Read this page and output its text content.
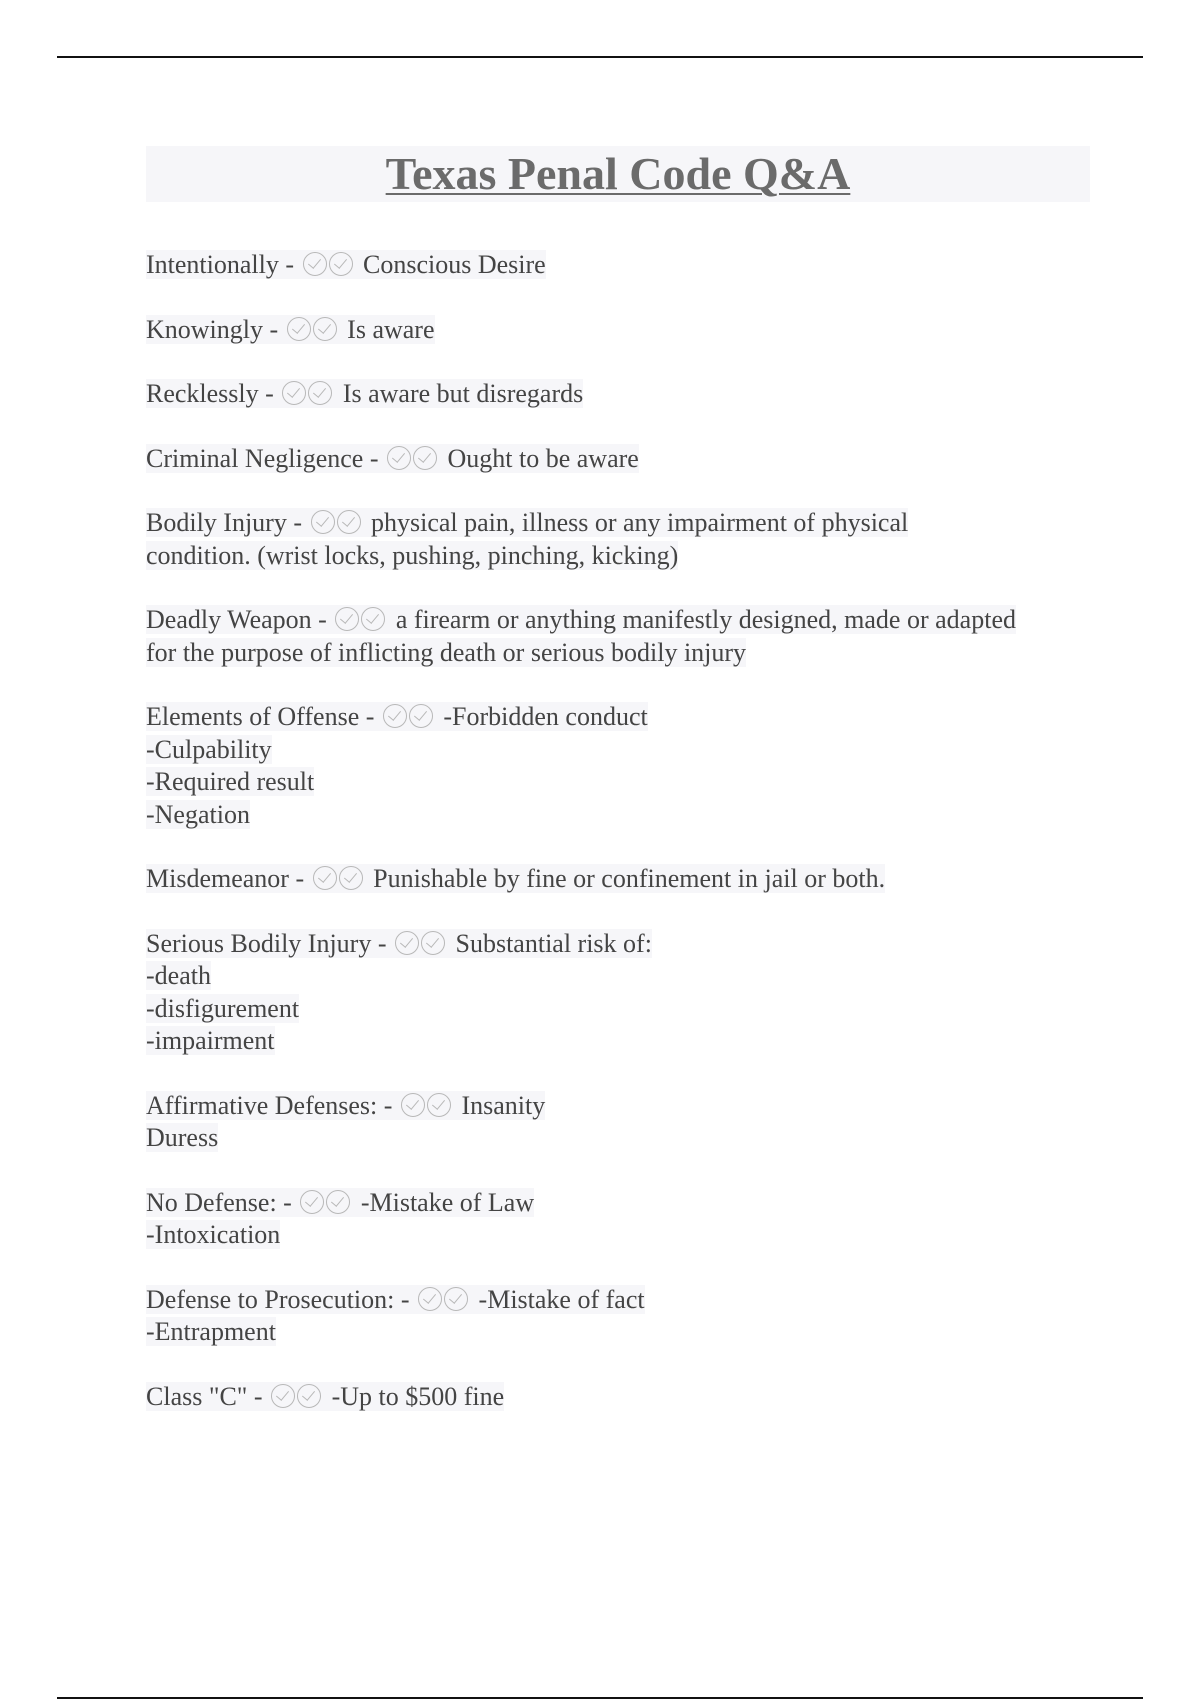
Texas Penal Code Q&A
Intentionally -	Conscious Desire
Knowingly -	Is aware
Recklessly -	Is aware but disregards
Criminal Negligence -	Ought to be aware
Bodily Injury -	physical pain, illness or any impairment of physical
condition. (wrist locks, pushing, pinching, kicking)
Deadly Weapon -	a firearm or anything manifestly designed, made or adapted
for the purpose of inflicting death or serious bodily injury
Elements of Offense -	-Forbidden conduct
-Culpability
-Required result
-Negation
Misdemeanor -	Punishable by fine or confinement in jail or both.
Serious Bodily Injury -	Substantial risk of:
-death
-disfigurement
-impairment
Affirmative Defenses: -	Insanity
Duress
No Defense: -	-Mistake of Law
-Intoxication
Defense to Prosecution: -	-Mistake of fact
-Entrapment
Class "C" -	-Up to $500 fine
